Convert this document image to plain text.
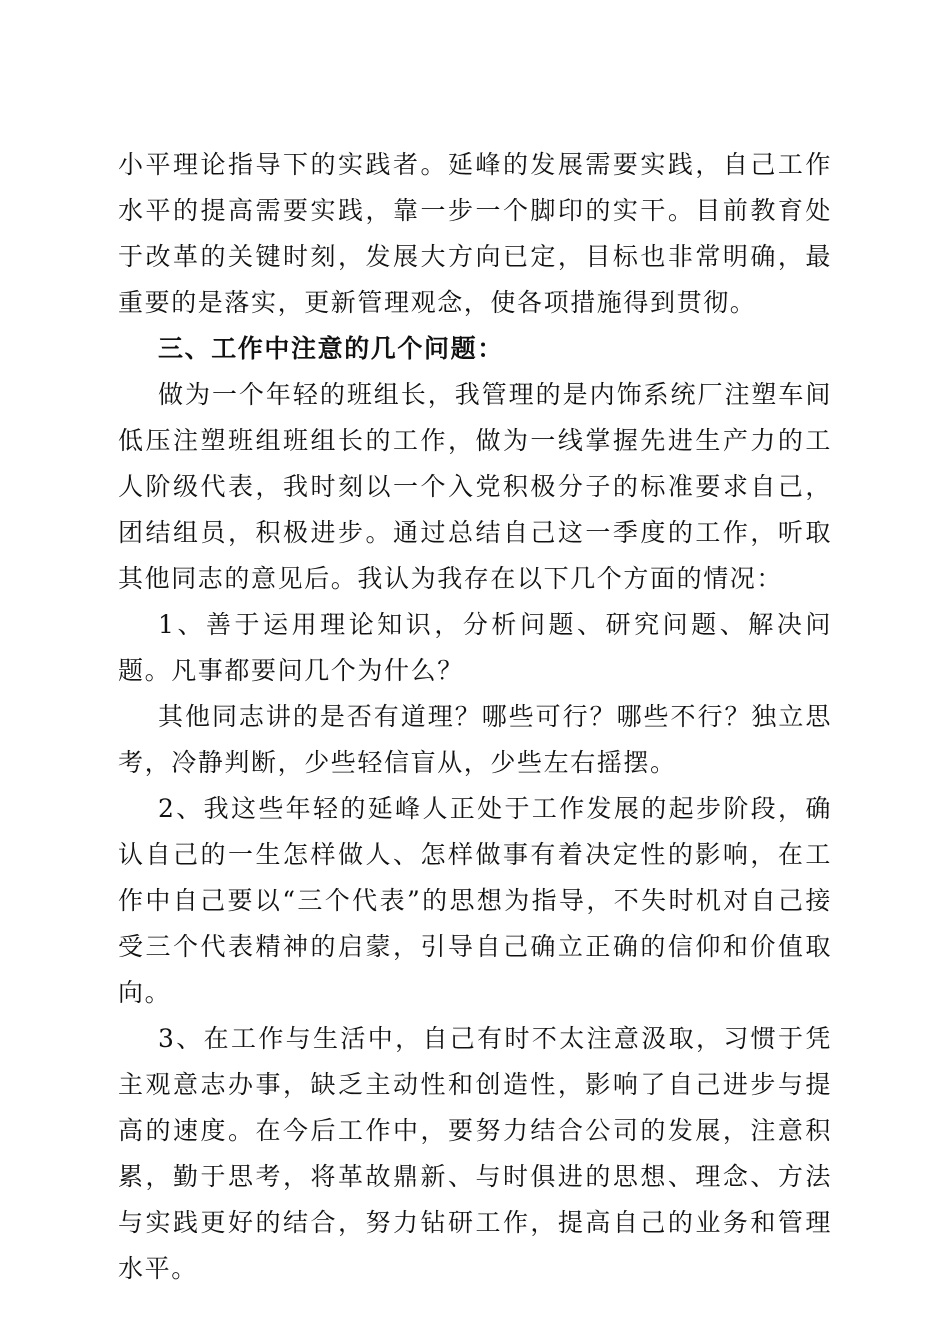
小平理论指导下的实践者。延峰的发展需要实践，自己工作水平的提高需要实践，靠一步一个脚印的实干。目前教育处于改革的关键时刻，发展大方向已定，目标也非常明确，最重要的是落实，更新管理观念，使各项措施得到贯彻。

三、工作中注意的几个问题：

做为一个年轻的班组长，我管理的是内饰系统厂注塑车间低压注塑班组班组长的工作，做为一线掌握先进生产力的工人阶级代表，我时刻以一个入党积极分子的标准要求自己，团结组员，积极进步。通过总结自己这一季度的工作，听取其他同志的意见后。我认为我存在以下几个方面的情况：

1、善于运用理论知识，分析问题、研究问题、解决问题。凡事都要问几个为什么？

其他同志讲的是否有道理？哪些可行？哪些不行？独立思考，冷静判断，少些轻信盲从，少些左右摇摆。

2、我这些年轻的延峰人正处于工作发展的起步阶段，确认自己的一生怎样做人、怎样做事有着决定性的影响，在工作中自己要以“三个代表”的思想为指导，不失时机对自己接受三个代表精神的启蒙，引导自己确立正确的信仰和价值取向。

3、在工作与生活中，自己有时不太注意汲取，习惯于凭主观意志办事，缺乏主动性和创造性，影响了自己进步与提高的速度。在今后工作中，要努力结合公司的发展，注意积累，勤于思考，将革故鼎新、与时俱进的思想、理念、方法与实践更好的结合，努力钻研工作，提高自己的业务和管理水平。
